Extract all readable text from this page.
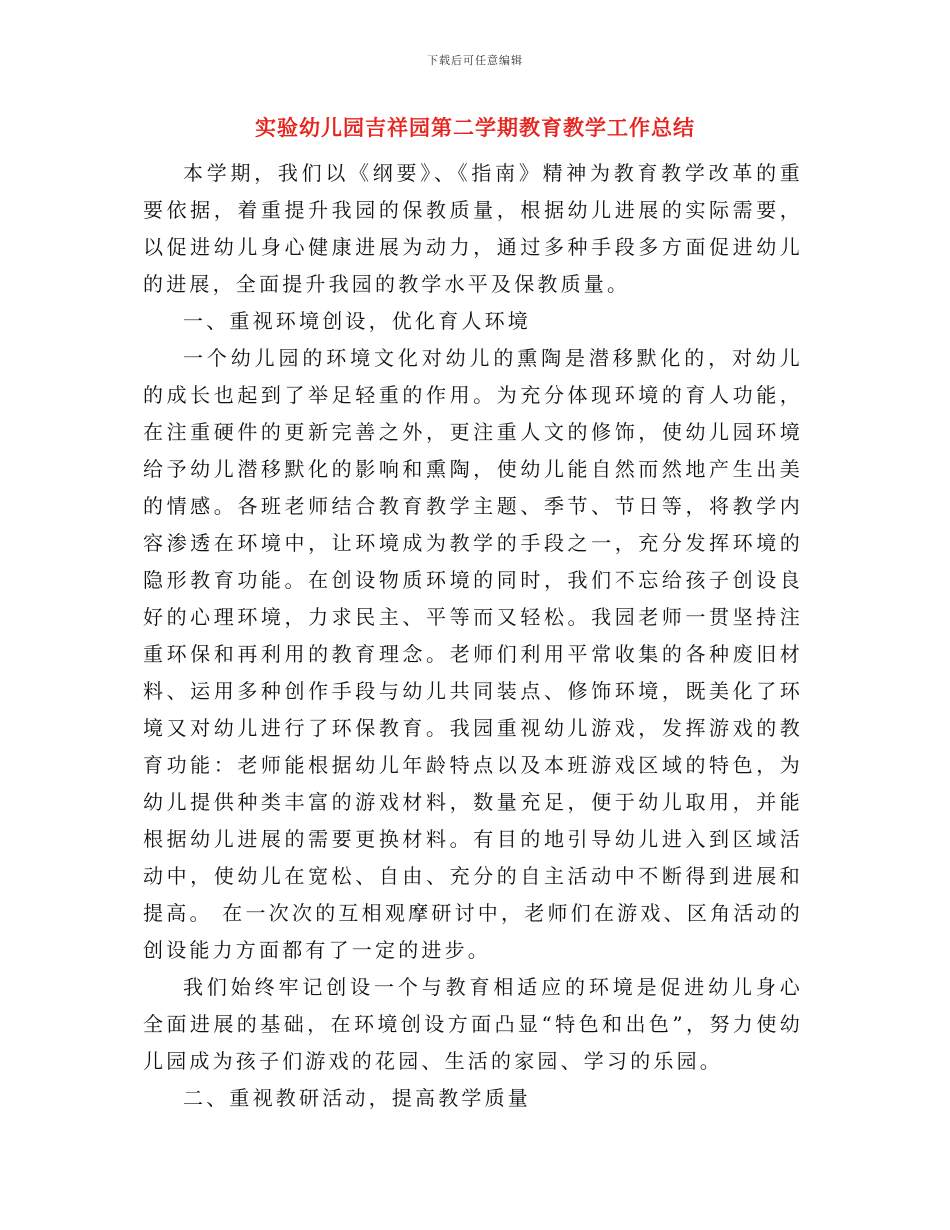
下载后可任意编辑
实验幼儿园吉祥园第二学期教育教学工作总结

本学期，我们以《纲要》、《指南》精神为教育教学改革的重要依据，着重提升我园的保教质量，根据幼儿进展的实际需要，以促进幼儿身心健康进展为动力，通过多种手段多方面促进幼儿的进展，全面提升我园的教学水平及保教质量。

一、重视环境创设，优化育人环境

一个幼儿园的环境文化对幼儿的熏陶是潜移默化的，对幼儿的成长也起到了举足轻重的作用。为充分体现环境的育人功能，在注重硬件的更新完善之外，更注重人文的修饰，使幼儿园环境给予幼儿潜移默化的影响和熏陶，使幼儿能自然而然地产生出美的情感。各班老师结合教育教学主题、季节、节日等，将教学内容渗透在环境中，让环境成为教学的手段之一，充分发挥环境的隐形教育功能。在创设物质环境的同时，我们不忘给孩子创设良好的心理环境，力求民主、平等而又轻松。我园老师一贯坚持注重环保和再利用的教育理念。老师们利用平常收集的各种废旧材料、运用多种创作手段与幼儿共同装点、修饰环境，既美化了环境又对幼儿进行了环保教育。我园重视幼儿游戏，发挥游戏的教育功能：老师能根据幼儿年龄特点以及本班游戏区域的特色，为幼儿提供种类丰富的游戏材料，数量充足，便于幼儿取用，并能根据幼儿进展的需要更换材料。有目的地引导幼儿进入到区域活动中，使幼儿在宽松、自由、充分的自主活动中不断得到进展和提高。 在一次次的互相观摩研讨中，老师们在游戏、区角活动的创设能力方面都有了一定的进步。

我们始终牢记创设一个与教育相适应的环境是促进幼儿身心全面进展的基础，在环境创设方面凸显“特色和出色”，努力使幼儿园成为孩子们游戏的花园、生活的家园、学习的乐园。

二、重视教研活动，提高教学质量
